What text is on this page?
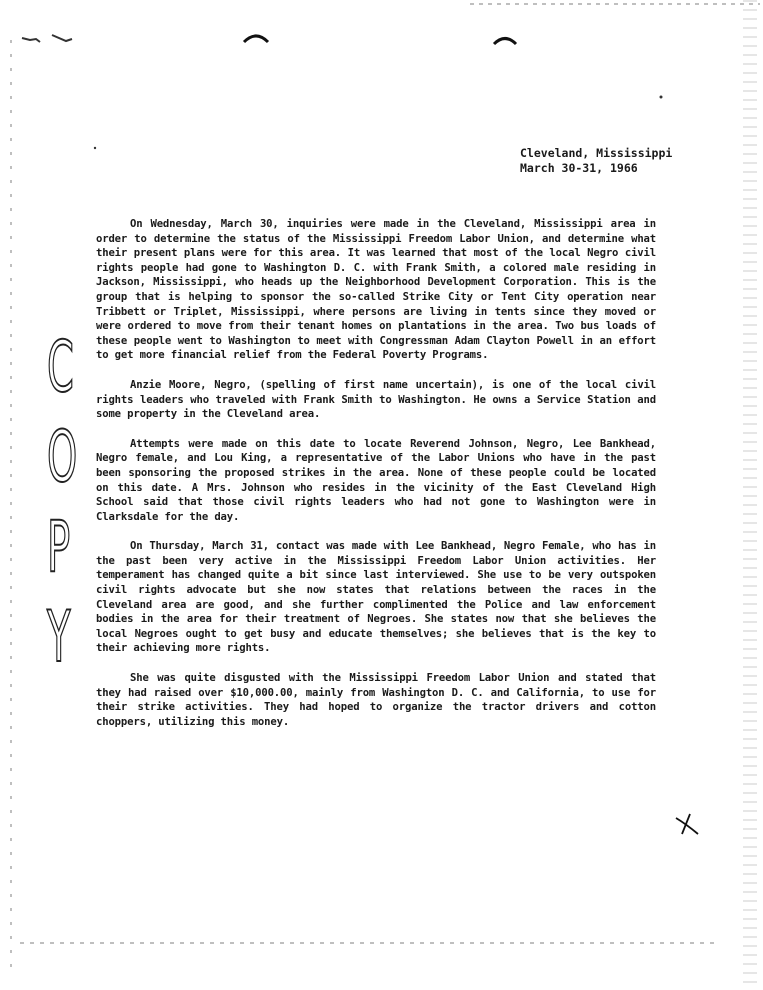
Cleveland, Mississippi
March 30-31, 1966
C
O
P
Y

On Wednesday, March 30, inquiries were made in the Cleveland, Mississippi area in order to determine the status of the Mississippi Freedom Labor Union, and determine what their present plans were for this area. It was learned that most of the local Negro civil rights people had gone to Washington D. C. with Frank Smith, a colored male residing in Jackson, Mississippi, who heads up the Neighborhood Development Corporation. This is the group that is helping to sponsor the so-called Strike City or Tent City operation near Tribbett or Triplet, Mississippi, where persons are living in tents since they moved or were ordered to move from their tenant homes on plantations in the area. Two bus loads of these people went to Washington to meet with Congressman Adam Clayton Powell in an effort to get more financial relief from the Federal Poverty Programs.

Anzie Moore, Negro, (spelling of first name uncertain), is one of the local civil rights leaders who traveled with Frank Smith to Washington. He owns a Service Station and some property in the Cleveland area.

Attempts were made on this date to locate Reverend Johnson, Negro, Lee Bankhead, Negro female, and Lou King, a representative of the Labor Unions who have in the past been sponsoring the proposed strikes in the area. None of these people could be located on this date. A Mrs. Johnson who resides in the vicinity of the East Cleveland High School said that those civil rights leaders who had not gone to Washington were in Clarksdale for the day.

On Thursday, March 31, contact was made with Lee Bankhead, Negro Female, who has in the past been very active in the Mississippi Freedom Labor Union activities. Her temperament has changed quite a bit since last interviewed. She use to be very outspoken civil rights advocate but she now states that relations between the races in the Cleveland area are good, and she further complimented the Police and law enforcement bodies in the area for their treatment of Negroes. She states now that she believes the local Negroes ought to get busy and educate themselves; she believes that is the key to their achieving more rights.

She was quite disgusted with the Mississippi Freedom Labor Union and stated that they had raised over $10,000.00, mainly from Washington D. C. and California, to use for their strike activities. They had hoped to organize the tractor drivers and cotton choppers, utilizing this money.
